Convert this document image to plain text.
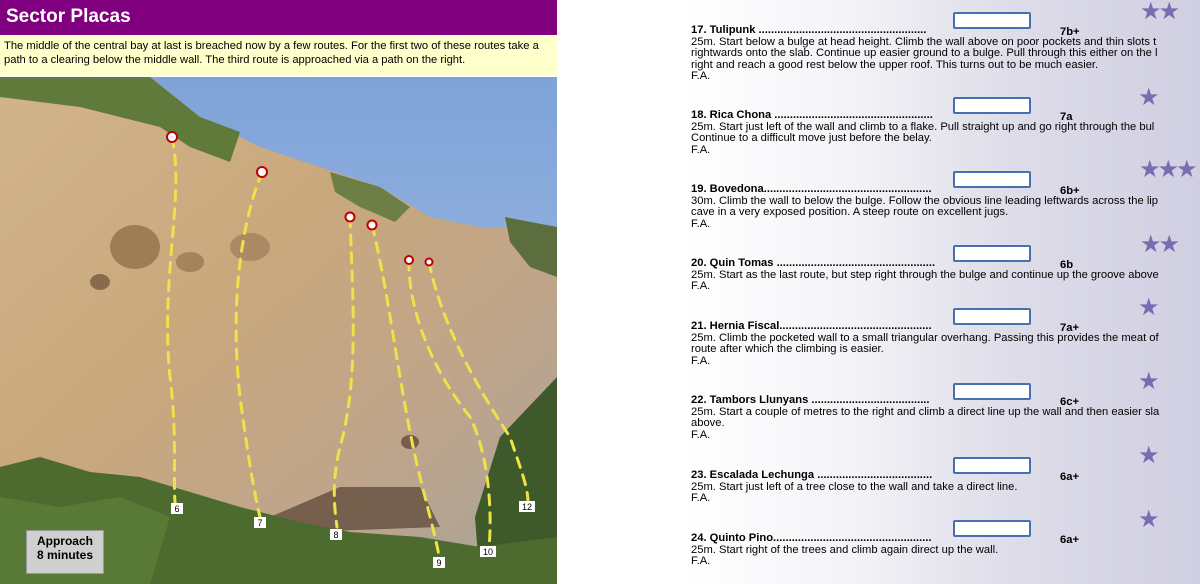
Sector Placas
The middle of the central bay at last is breached now by a few routes. For the first two of these routes take a path to a clearing below the middle wall. The third route is approached via a path on the right.
6
7
8
9
10
12
Approach
8 minutes
17. Tulipunk ......................................................
25m. Start below a bulge at head height. Climb the wall above on poor pockets and thin slots t
rightwards onto the slab. Continue up easier ground to a bulge. Pull through this either on the l
right and reach a good rest below the upper roof. This turns out to be much easier.
F.A.
7b+
★★
18. Rica Chona ...................................................
25m. Start just left of the wall and climb to a flake. Pull straight up and go right through the bul
Continue to a difficult move just before the belay.
F.A.
7a
★
19. Bovedona......................................................
30m. Climb the wall to below the bulge. Follow the obvious line leading leftwards across the lip
cave in a very exposed position. A steep route on excellent jugs.
F.A.
6b+
★★★
20. Quin Tomas ...................................................
25m. Start as the last route, but step right through the bulge and continue up the groove above
F.A.
6b
★★
21. Hernia Fiscal.................................................
25m. Climb the pocketed wall to a small triangular overhang. Passing this provides the meat of
route after which the climbing is easier.
F.A.
7a+
★
22. Tambors Llunyans ......................................
25m. Start a couple of metres to the right and climb a direct line up the wall and then easier sla
above.
F.A.
6c+
★
23. Escalada Lechunga .....................................
25m. Start just left of a tree close to the wall and take a direct line.
F.A.
6a+
★
24. Quinto Pino...................................................
25m. Start right of the trees and climb again direct up the wall.
F.A.
6a+
★
